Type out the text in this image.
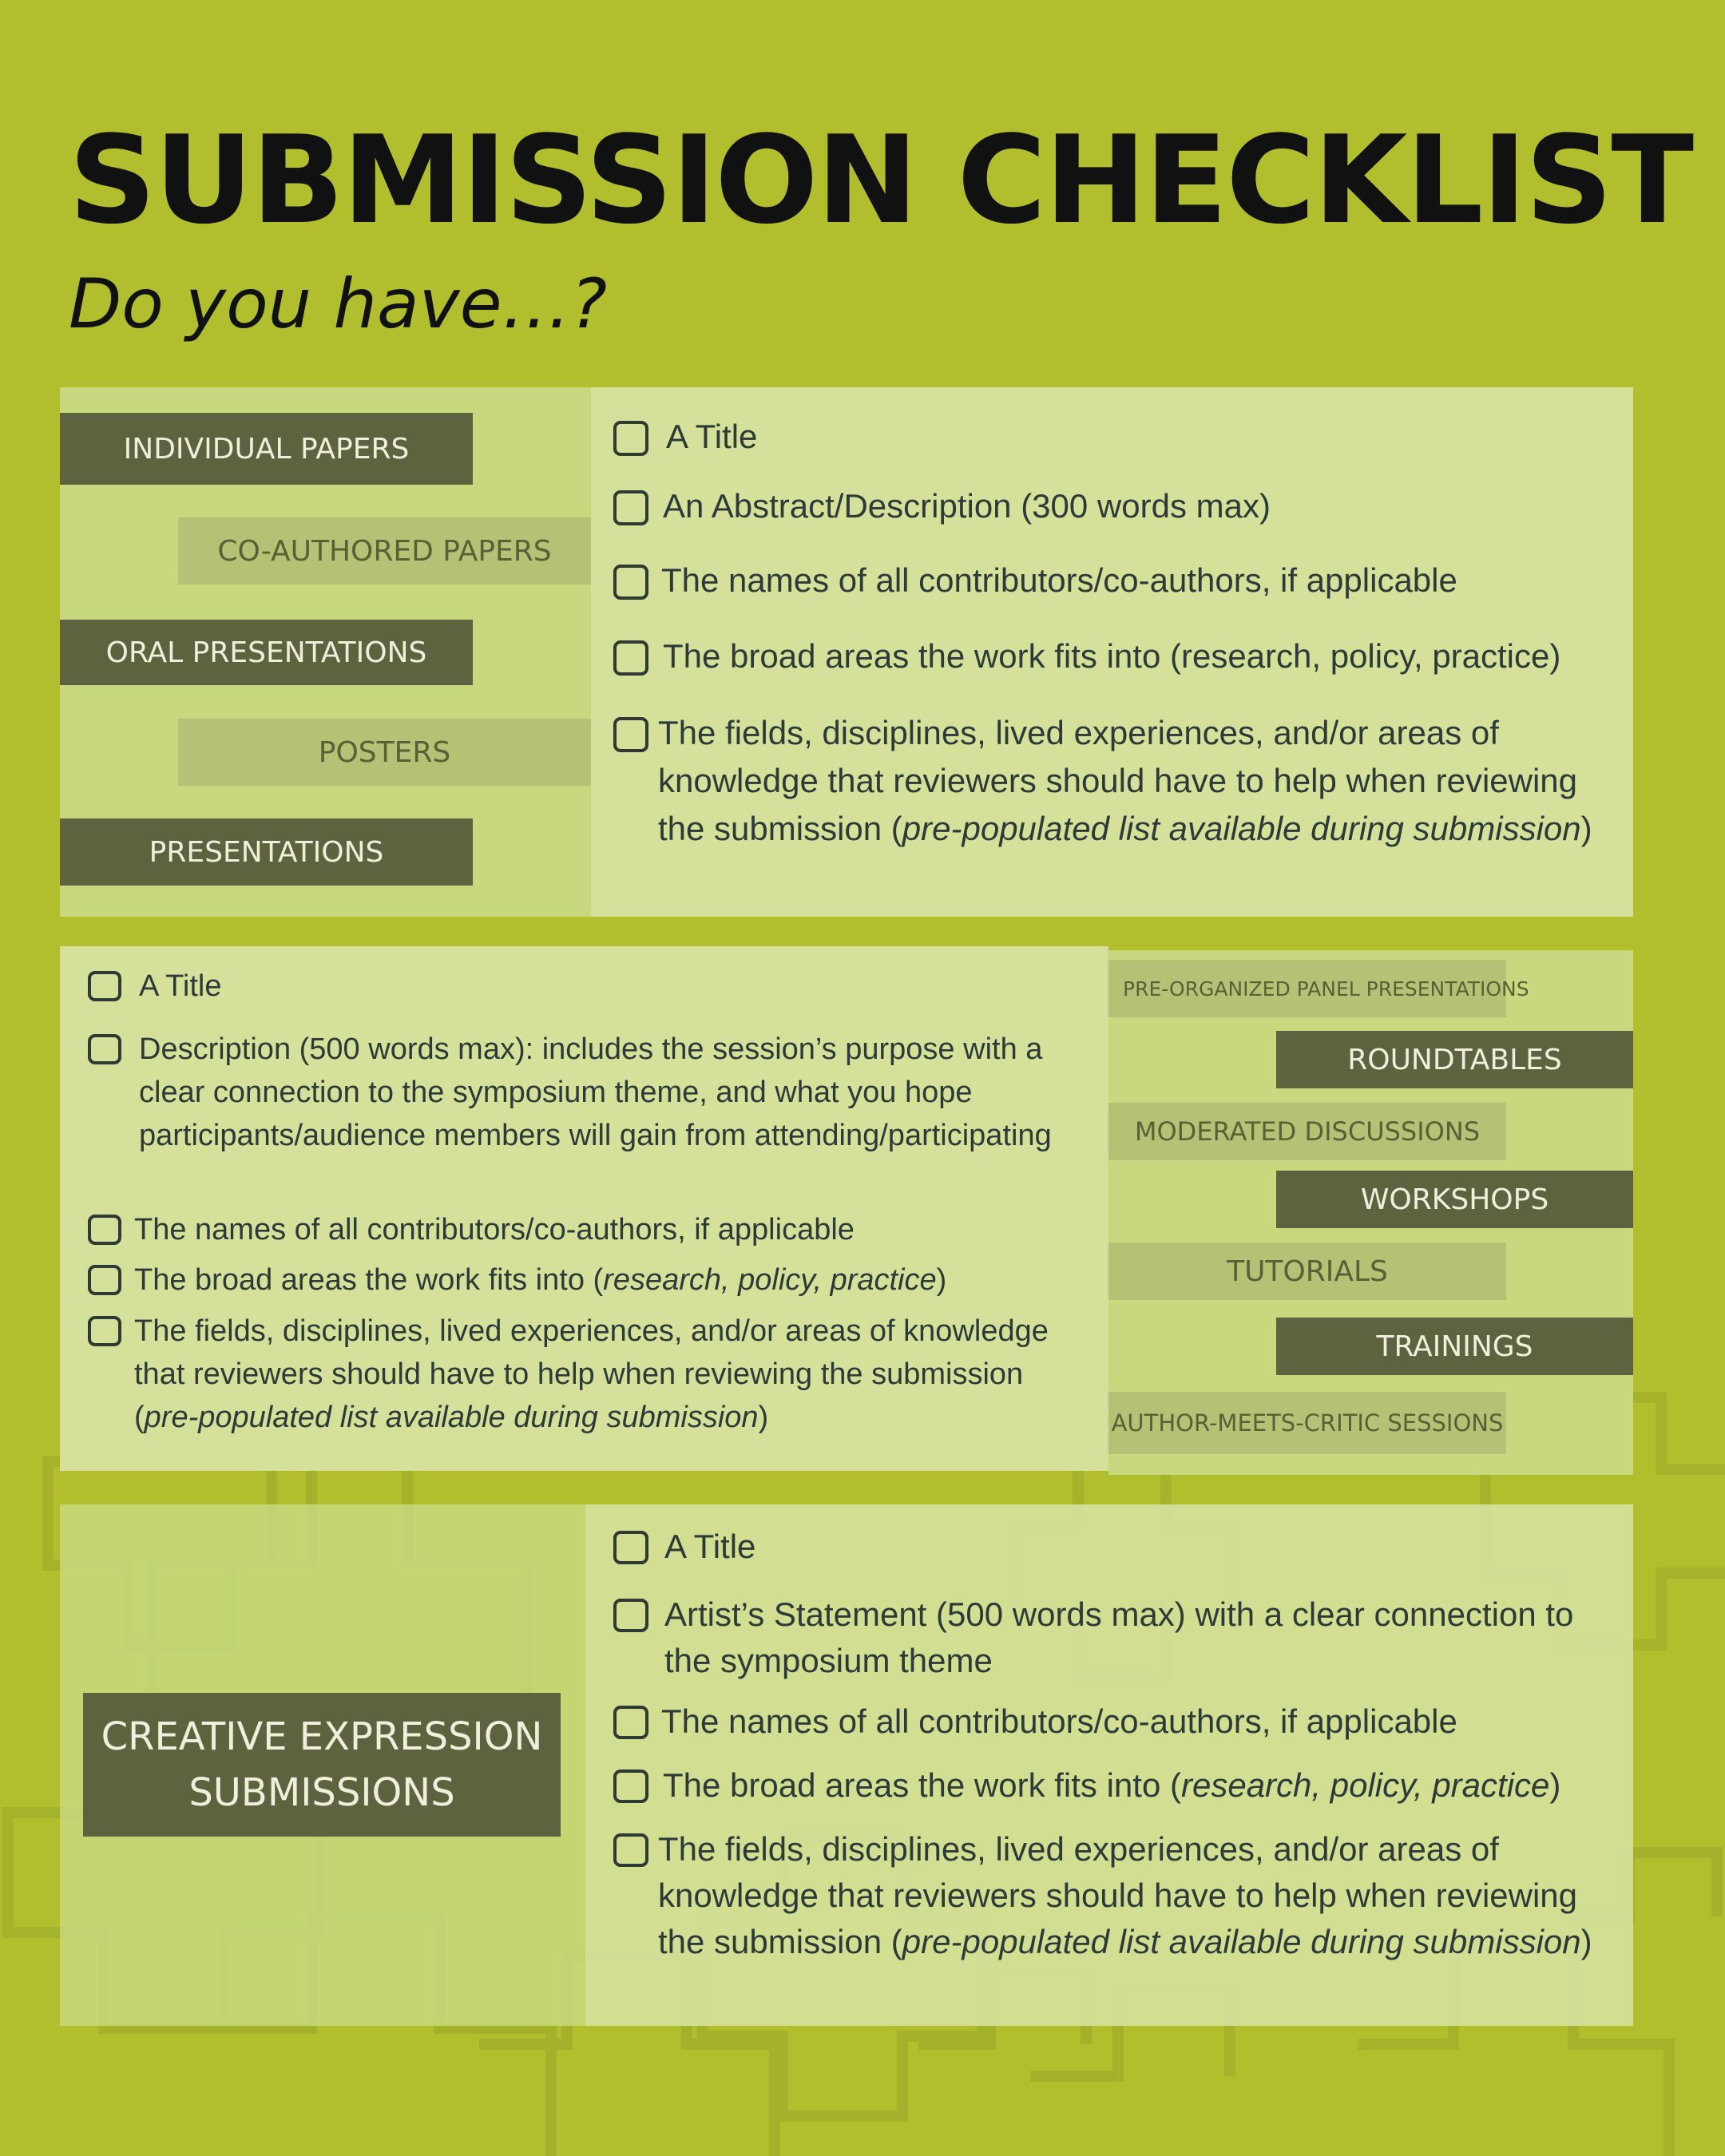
SUBMISSION CHECKLIST

Do you have…?

INDIVIDUAL PAPERS
CO-AUTHORED PAPERS
ORAL PRESENTATIONS
POSTERS
PRESENTATIONS
A Title
An Abstract/Description (300 words max)
The names of all contributors/co-authors, if applicable
The broad areas the work fits into (research, policy, practice)
The fields, disciplines, lived experiences, and/or areas of knowledge that reviewers should have to help when reviewing the submission (pre-populated list available during submission)
PRE-ORGANIZED PANEL PRESENTATIONS
ROUNDTABLES
MODERATED DISCUSSIONS
WORKSHOPS
TUTORIALS
TRAININGS
AUTHOR-MEETS-CRITIC SESSIONS
A Title
Description (500 words max): includes the session’s purpose with a clear connection to the symposium theme, and what you hope participants/audience members will gain from attending/participating
The names of all contributors/co-authors, if applicable
The broad areas the work fits into (research, policy, practice)
The fields, disciplines, lived experiences, and/or areas of knowledge that reviewers should have to help when reviewing the submission (pre-populated list available during submission)
CREATIVE EXPRESSION
SUBMISSIONS
A Title
Artist’s Statement (500 words max) with a clear connection to the symposium theme
The names of all contributors/co-authors, if applicable
The broad areas the work fits into (research, policy, practice)
The fields, disciplines, lived experiences, and/or areas of knowledge that reviewers should have to help when reviewing the submission (pre-populated list available during submission)
